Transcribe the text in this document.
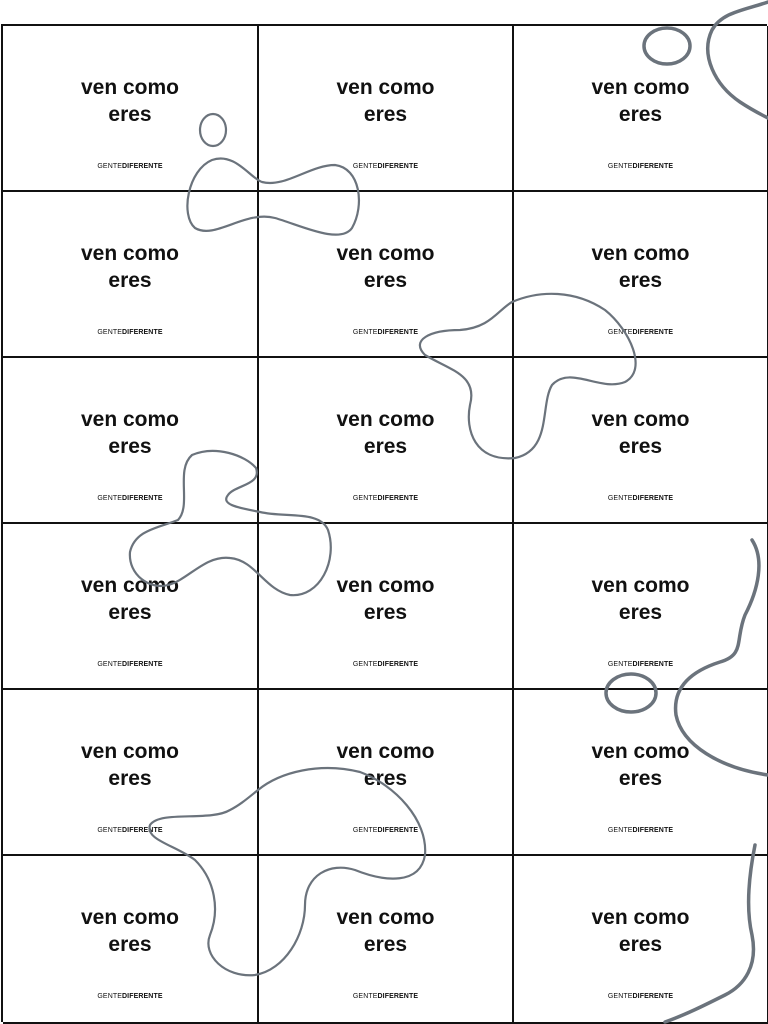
ven como
eres
GENTEDIFERENTE
ven como
eres
GENTEDIFERENTE
ven como
eres
GENTEDIFERENTE
ven como
eres
GENTEDIFERENTE
ven como
eres
GENTEDIFERENTE
ven como
eres
GENTEDIFERENTE
ven como
eres
GENTEDIFERENTE
ven como
eres
GENTEDIFERENTE
ven como
eres
GENTEDIFERENTE
ven como
eres
GENTEDIFERENTE
ven como
eres
GENTEDIFERENTE
ven como
eres
GENTEDIFERENTE
ven como
eres
GENTEDIFERENTE
ven como
eres
GENTEDIFERENTE
ven como
eres
GENTEDIFERENTE
ven como
eres
GENTEDIFERENTE
ven como
eres
GENTEDIFERENTE
ven como
eres
GENTEDIFERENTE
